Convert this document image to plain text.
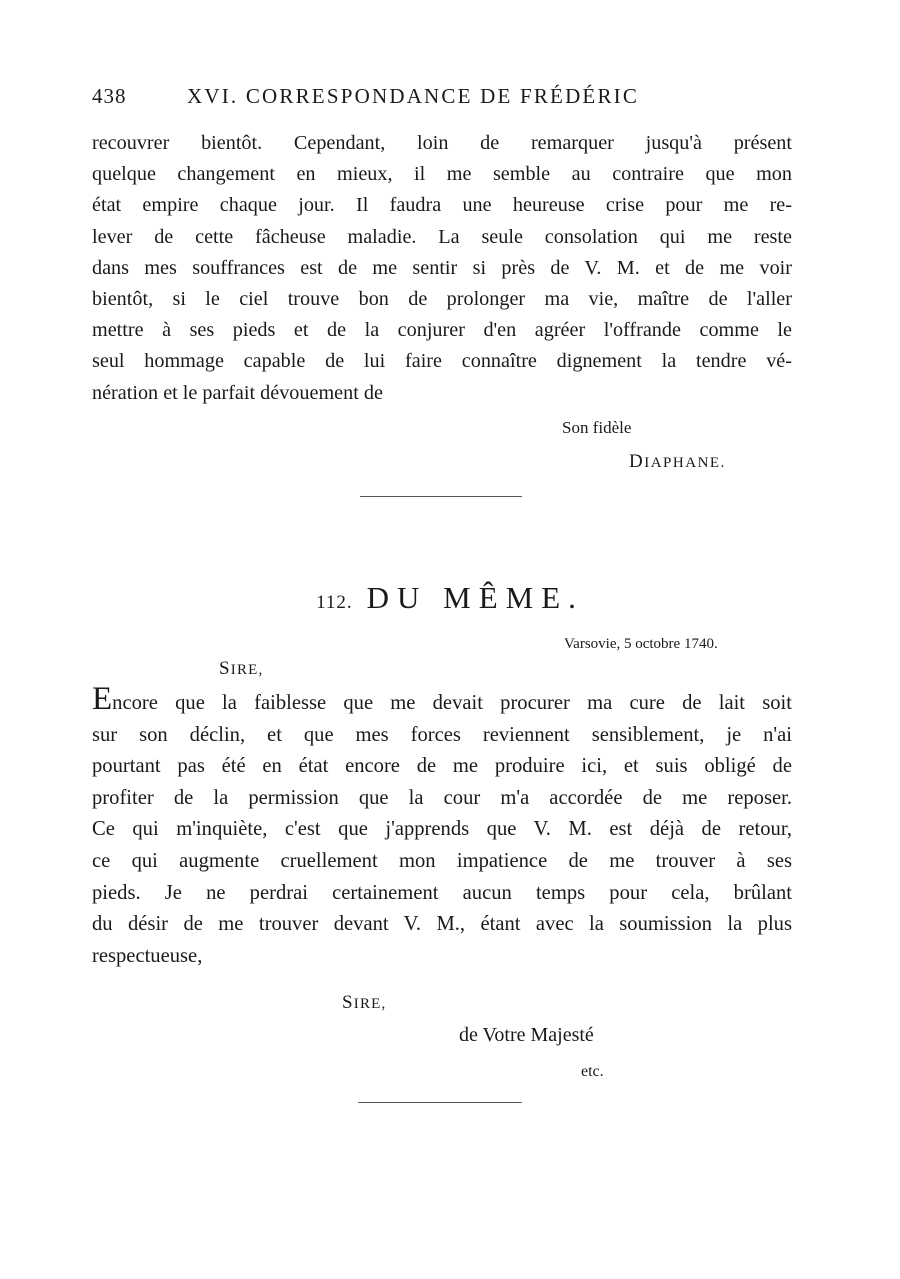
438	XVI. CORRESPONDANCE DE FRÉDÉRIC
recouvrer bientôt. Cependant, loin de remarquer jusqu'à présent
quelque changement en mieux, il me semble au contraire que mon
état empire chaque jour. Il faudra une heureuse crise pour me re-
lever de cette fâcheuse maladie. La seule consolation qui me reste
dans mes souffrances est de me sentir si près de V. M. et de me voir
bientôt, si le ciel trouve bon de prolonger ma vie, maître de l'aller
mettre à ses pieds et de la conjurer d'en agréer l'offrande comme le
seul hommage capable de lui faire connaître dignement la tendre vé-
nération et le parfait dévouement de
Son fidèle
DIAPHANE.
112. DU MÊME.
Varsovie, 5 octobre 1740.
SIRE,
Encore que la faiblesse que me devait procurer ma cure de lait soit
sur son déclin, et que mes forces reviennent sensiblement, je n'ai
pourtant pas été en état encore de me produire ici, et suis obligé de
profiter de la permission que la cour m'a accordée de me reposer.
Ce qui m'inquiète, c'est que j'apprends que V. M. est déjà de retour,
ce qui augmente cruellement mon impatience de me trouver à ses
pieds. Je ne perdrai certainement aucun temps pour cela, brûlant
du désir de me trouver devant V. M., étant avec la soumission la plus
respectueuse,
SIRE,
de Votre Majesté
etc.
